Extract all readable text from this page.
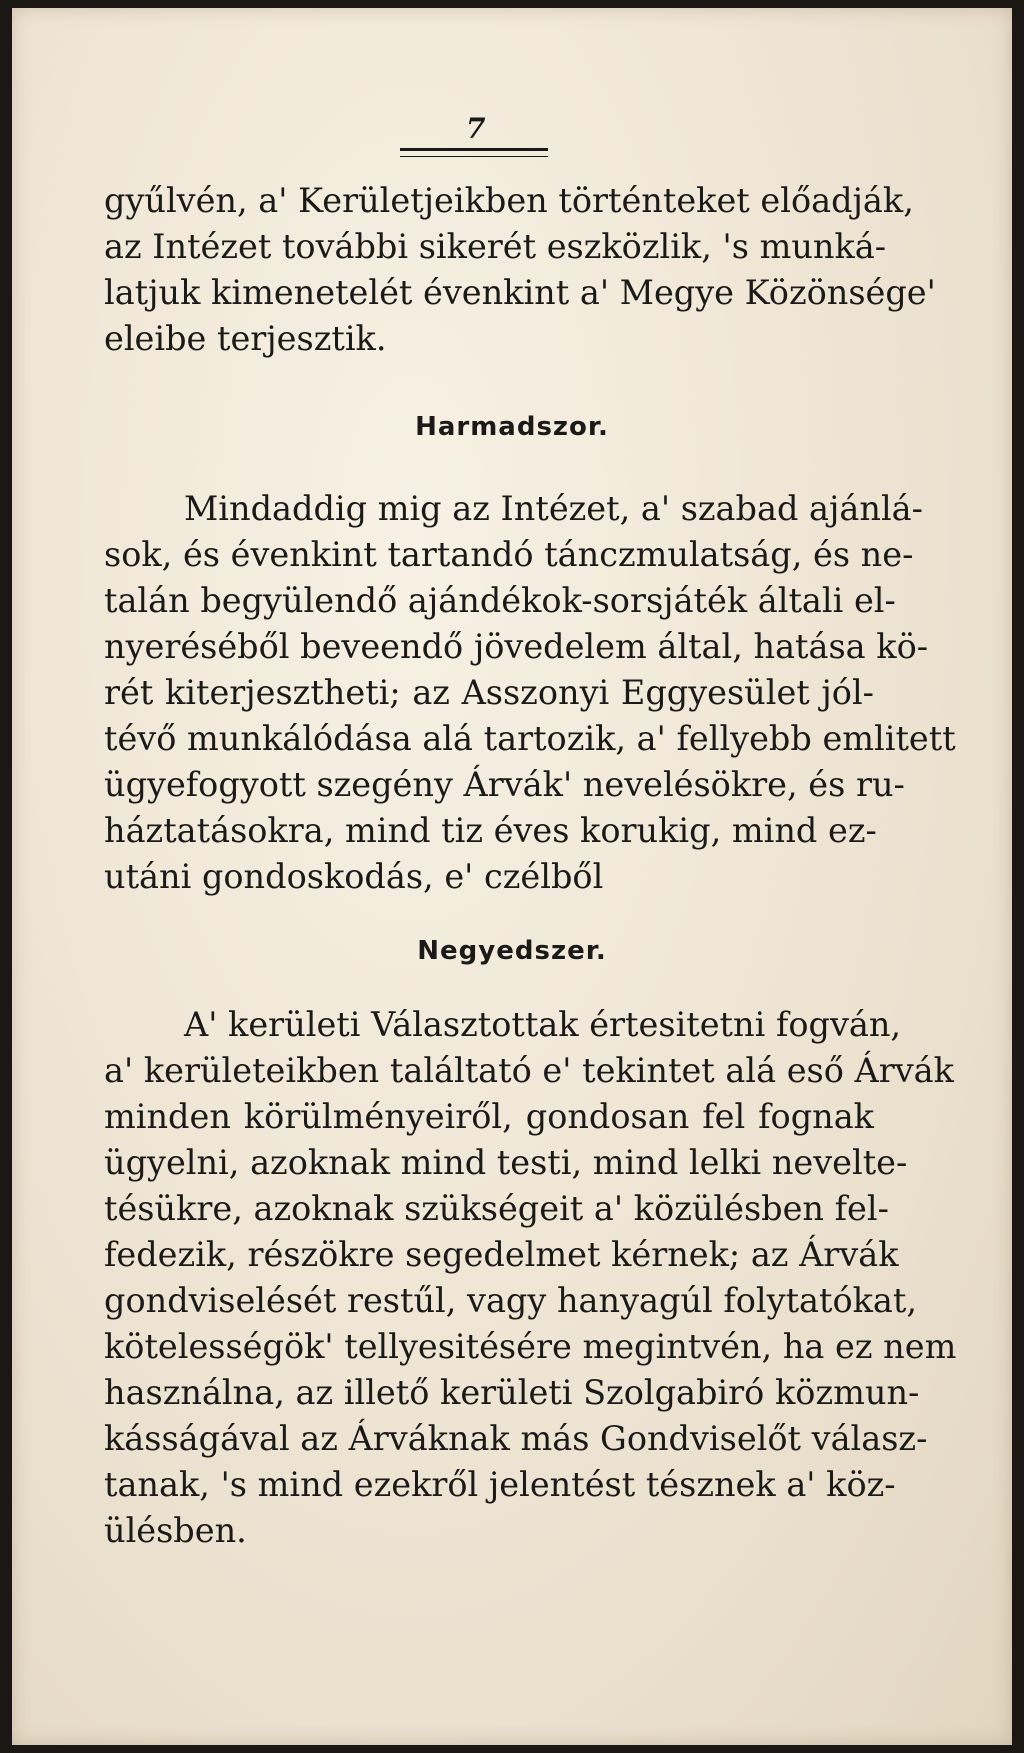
7
gyűlvén, a' Kerületjeikben történteket előadják,
az Intézet további sikerét eszközlik, 's munká-
latjuk kimenetelét évenkint a' Megye Közönsége'
eleibe terjesztik.
Harmadszor.
Mindaddig mig az Intézet, a' szabad ajánlá-
sok, és évenkint tartandó tánczmulatság, és ne-
talán begyülendő ajándékok-sorsjáték általi el-
nyeréséből beveendő jövedelem által, hatása kö-
rét kiterjesztheti; az Asszonyi Eggyesület jól-
tévő munkálódása alá tartozik, a' fellyebb emlitett
ügyefogyott szegény Árvák' nevelésökre, és ru-
háztatásokra, mind tiz éves korukig, mind ez-
utáni gondoskodás, e' czélből
Negyedszer.
A' kerületi Választottak értesitetni fogván,
a' kerületeikben találtató e' tekintet alá eső Árvák
minden körülményeiről, gondosan fel fognak
ügyelni, azoknak mind testi, mind lelki nevelte-
tésükre, azoknak szükségeit a' közülésben fel-
fedezik, részökre segedelmet kérnek; az Árvák
gondviselését restűl, vagy hanyagúl folytatókat,
kötelességök' tellyesitésére megintvén, ha ez nem
használna, az illető kerületi Szolgabiró közmun-
kásságával az Árváknak más Gondviselőt válasz-
tanak, 's mind ezekről jelentést tésznek a' köz-
ülésben.
